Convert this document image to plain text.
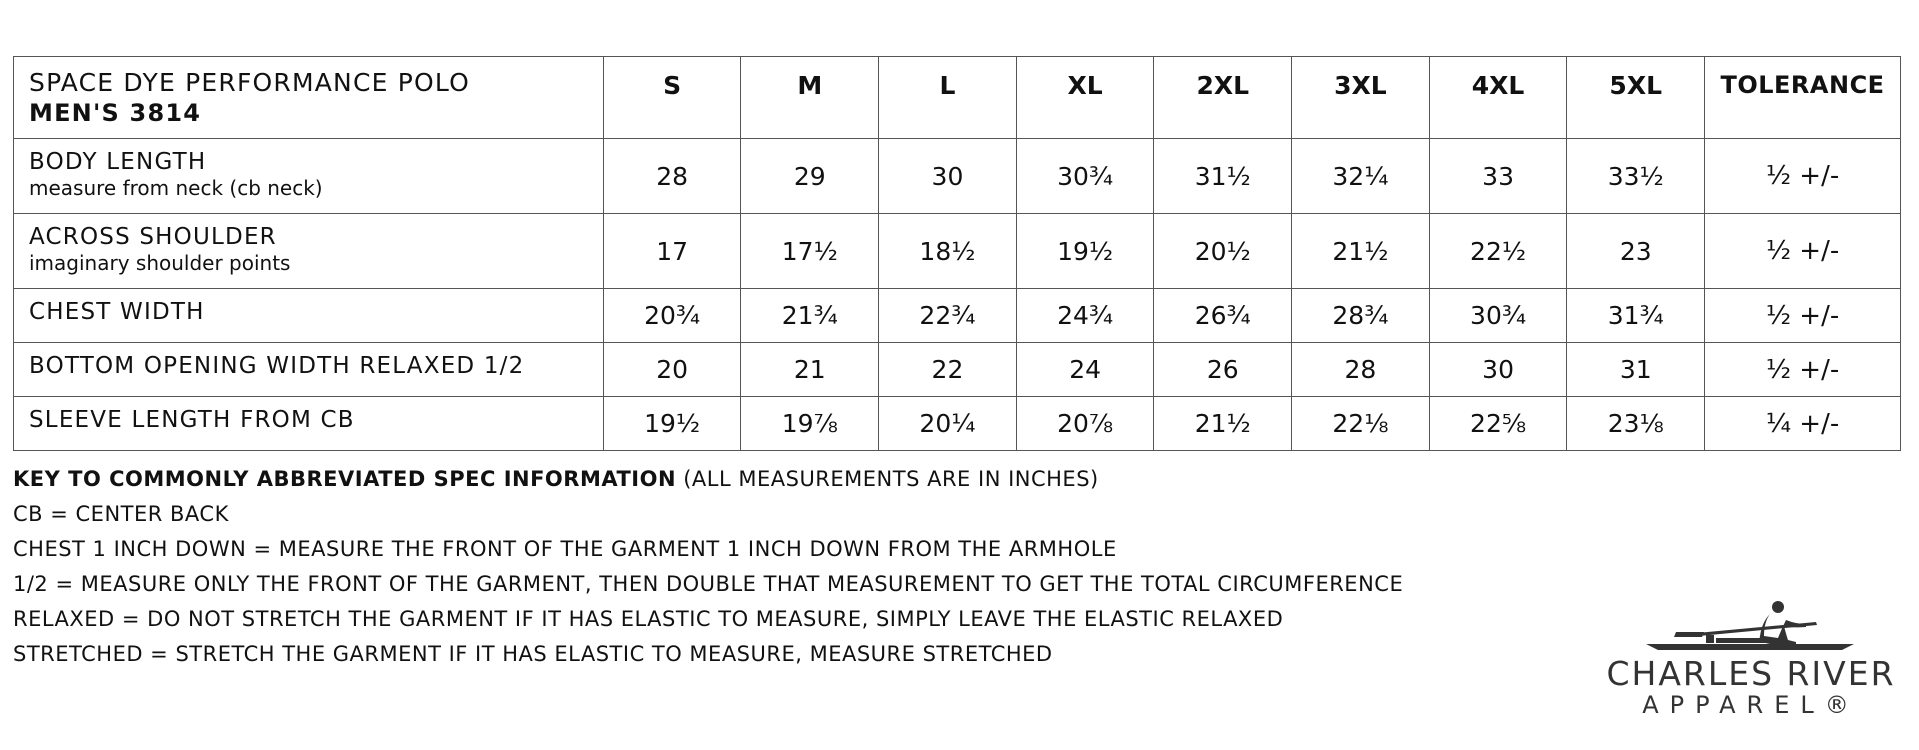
SPACE DYE PERFORMANCE POLO
MEN'S 3814	S	M	L	XL	2XL	3XL	4XL	5XL	TOLERANCE

BODY LENGTH
measure from neck (cb neck)	28	29	30	30¾	31½	32¼	33	33½	½ +/-

ACROSS SHOULDER
imaginary shoulder points	17	17½	18½	19½	20½	21½	22½	23	½ +/-

CHEST WIDTH	20¾	21¾	22¾	24¾	26¾	28¾	30¾	31¾	½ +/-

BOTTOM OPENING WIDTH RELAXED 1/2	20	21	22	24	26	28	30	31	½ +/-

SLEEVE LENGTH FROM CB	19½	19⅞	20¼	20⅞	21½	22⅛	22⅝	23⅛	¼ +/-
KEY TO COMMONLY ABBREVIATED SPEC INFORMATION (ALL MEASUREMENTS ARE IN INCHES)
CB = CENTER BACK
CHEST 1 INCH DOWN = MEASURE THE FRONT OF THE GARMENT 1 INCH DOWN FROM THE ARMHOLE
1/2 = MEASURE ONLY THE FRONT OF THE GARMENT, THEN DOUBLE THAT MEASUREMENT TO GET THE TOTAL CIRCUMFERENCE
RELAXED = DO NOT STRETCH THE GARMENT IF IT HAS ELASTIC TO MEASURE, SIMPLY LEAVE THE ELASTIC RELAXED
STRETCHED = STRETCH THE GARMENT IF IT HAS ELASTIC TO MEASURE, MEASURE STRETCHED	CHARLES RIVER
APPAREL®
